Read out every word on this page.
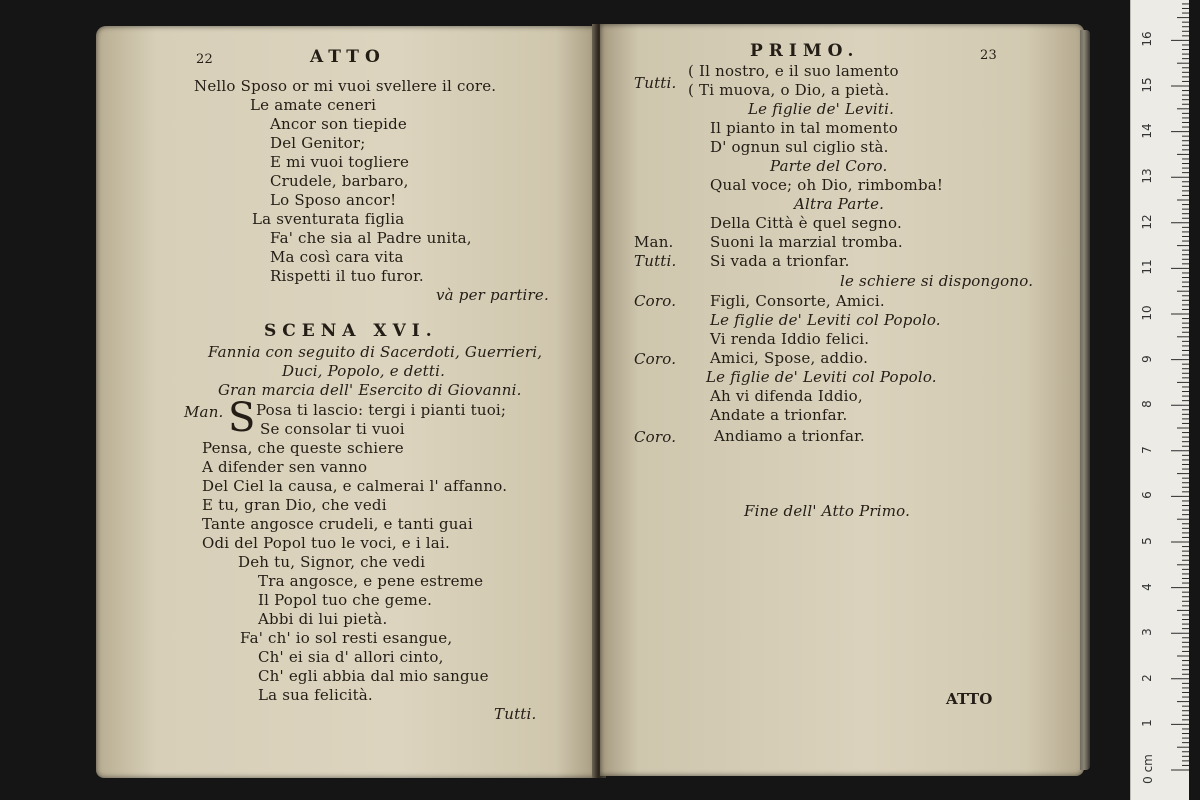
22	ATTO
Nello Sposo or mi vuoi svellere il core.
Le amate ceneri
Ancor son tiepide
Del Genitor;
E mi vuoi togliere
Crudele, barbaro,
Lo Sposo ancor!
La sventurata figlia
Fa' che sia al Padre unita,
Ma così cara vita
Rispetti il tuo furor.
và per partire.
SCENA XVI.
Fannia con seguito di Sacerdoti, Guerrieri,
Duci, Popolo, e detti.
Gran marcia dell' Esercito di Giovanni.
Man. S Posa ti lascio: tergi i pianti tuoi;
Se consolar ti vuoi
Pensa, che queste schiere
A difender sen vanno
Del Ciel la causa, e calmerai l' affanno.
E tu, gran Dio, che vedi
Tante angosce crudeli, e tanti guai
Odi del Popol tuo le voci, e i lai.
Deh tu, Signor, che vedi
Tra angosce, e pene estreme
Il Popol tuo che geme.
Abbi di lui pietà.
Fa' ch' io sol resti esangue,
Ch' ei sia d' allori cinto,
Ch' egli abbia dal mio sangue
La sua felicità.
Tutti.
PRIMO.	23
Tutti.
( Il nostro, e il suo lamento
( Ti muova, o Dio, a pietà.
Le figlie de' Leviti.
Il pianto in tal momento
D' ognun sul ciglio stà.
Parte del Coro.
Qual voce; oh Dio, rimbomba!
Altra Parte.
Della Città è quel segno.
Man. Suoni la marzial tromba.
Tutti. Si vada a trionfar.
le schiere si dispongono.
Coro. Figli, Consorte, Amici.
Le figlie de' Leviti col Popolo.
Vi renda Iddio felici.
Coro. Amici, Spose, addio.
Le figlie de' Leviti col Popolo.
Ah vi difenda Iddio,
Andate a trionfar.
Coro.	Andiamo a trionfar.
Fine dell' Atto Primo.
ATTO
0 cm
1
2
3
4
5
6
7
8
9
10
11
12
13
14
15
16
